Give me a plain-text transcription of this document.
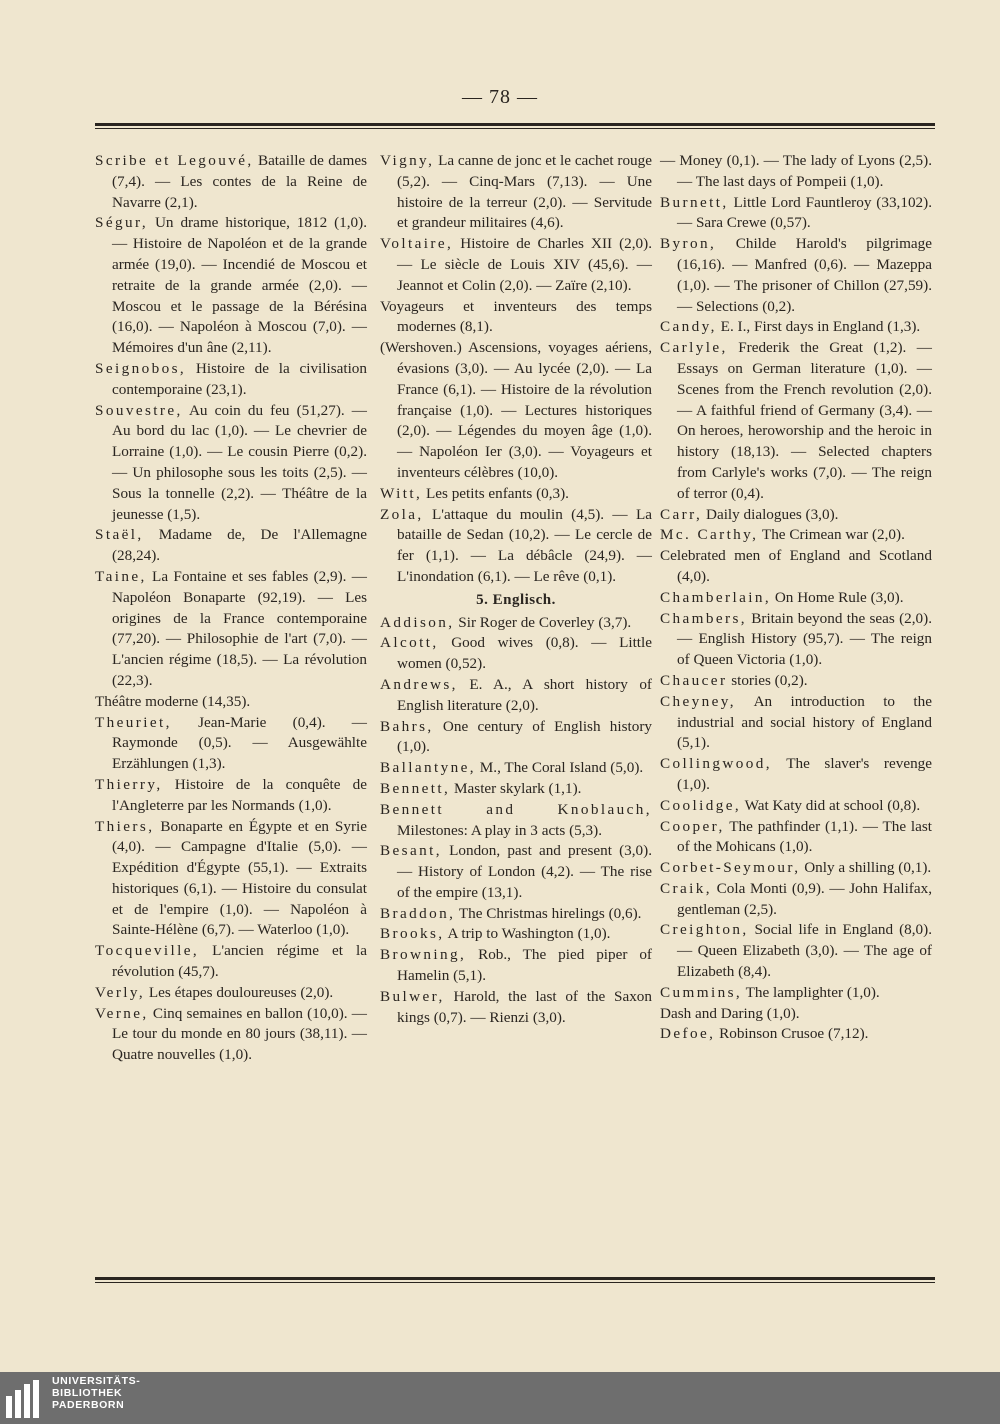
— 78 —

Scribe et Legouvé, Bataille de dames (7,4). — Les contes de la Reine de Navarre (2,1).

Ségur, Un drame historique, 1812 (1,0). — Histoire de Napoléon et de la grande armée (19,0). — Incendié de Moscou et retraite de la grande armée (2,0). — Moscou et le passage de la Bérésina (16,0). — Napoléon à Moscou (7,0). — Mémoires d'un âne (2,11).

Seignobos, Histoire de la civilisation contemporaine (23,1).

Souvestre, Au coin du feu (51,27). — Au bord du lac (1,0). — Le chevrier de Lorraine (1,0). — Le cousin Pierre (0,2). — Un philosophe sous les toits (2,5). — Sous la tonnelle (2,2). — Théâtre de la jeunesse (1,5).

Staël, Madame de, De l'Allemagne (28,24).

Taine, La Fontaine et ses fables (2,9). — Napoléon Bonaparte (92,19). — Les origines de la France contemporaine (77,20). — Philosophie de l'art (7,0). — L'ancien régime (18,5). — La révolution (22,3).

Théâtre moderne (14,35).

Theuriet, Jean-Marie (0,4). — Raymonde (0,5). — Ausgewählte Erzählungen (1,3).

Thierry, Histoire de la conquête de l'Angleterre par les Normands (1,0).

Thiers, Bonaparte en Égypte et en Syrie (4,0). — Campagne d'Italie (5,0). — Expédition d'Égypte (55,1). — Extraits historiques (6,1). — Histoire du consulat et de l'empire (1,0). — Napoléon à Sainte-Hélène (6,7). — Waterloo (1,0).

Tocqueville, L'ancien régime et la révolution (45,7).

Verly, Les étapes douloureuses (2,0).

Verne, Cinq semaines en ballon (10,0). — Le tour du monde en 80 jours (38,11). — Quatre nouvelles (1,0).

Vigny, La canne de jonc et le cachet rouge (5,2). — Cinq-Mars (7,13). — Une histoire de la terreur (2,0). — Servitude et grandeur militaires (4,6).

Voltaire, Histoire de Charles XII (2,0). — Le siècle de Louis XIV (45,6). — Jeannot et Colin (2,0). — Zaïre (2,10).

Voyageurs et inventeurs des temps modernes (8,1).

(Wershoven.) Ascensions, voyages aériens, évasions (3,0). — Au lycée (2,0). — La France (6,1). — Histoire de la révolution française (1,0). — Lectures historiques (2,0). — Légendes du moyen âge (1,0). — Napoléon Ier (3,0). — Voyageurs et inventeurs célèbres (10,0).

Witt, Les petits enfants (0,3).

Zola, L'attaque du moulin (4,5). — La bataille de Sedan (10,2). — Le cercle de fer (1,1). — La débâcle (24,9). — L'inondation (6,1). — Le rêve (0,1).

5. Englisch.

Addison, Sir Roger de Coverley (3,7).

Alcott, Good wives (0,8). — Little women (0,52).

Andrews, E. A., A short history of English literature (2,0).

Bahrs, One century of English history (1,0).

Ballantyne, M., The Coral Island (5,0).

Bennett, Master skylark (1,1).

Bennett and Knoblauch, Milestones: A play in 3 acts (5,3).

Besant, London, past and present (3,0). — History of London (4,2). — The rise of the empire (13,1).

Braddon, The Christmas hirelings (0,6).

Brooks, A trip to Washington (1,0).

Browning, Rob., The pied piper of Hamelin (5,1).

Bulwer, Harold, the last of the Saxon kings (0,7). — Rienzi (3,0).

— Money (0,1). — The lady of Lyons (2,5). — The last days of Pompeii (1,0).

Burnett, Little Lord Fauntleroy (33,102). — Sara Crewe (0,57).

Byron, Childe Harold's pilgrimage (16,16). — Manfred (0,6). — Mazeppa (1,0). — The prisoner of Chillon (27,59). — Selections (0,2).

Candy, E. I., First days in England (1,3).

Carlyle, Frederik the Great (1,2). — Essays on German literature (1,0). — Scenes from the French revolution (2,0). — A faithful friend of Germany (3,4). — On heroes, heroworship and the heroic in history (18,13). — Selected chapters from Carlyle's works (7,0). — The reign of terror (0,4).

Carr, Daily dialogues (3,0).

Mc. Carthy, The Crimean war (2,0).

Celebrated men of England and Scotland (4,0).

Chamberlain, On Home Rule (3,0).

Chambers, Britain beyond the seas (2,0). — English History (95,7). — The reign of Queen Victoria (1,0).

Chaucer stories (0,2).

Cheyney, An introduction to the industrial and social history of England (5,1).

Collingwood, The slaver's revenge (1,0).

Coolidge, Wat Katy did at school (0,8).

Cooper, The pathfinder (1,1). — The last of the Mohicans (1,0).

Corbet-Seymour, Only a shilling (0,1).

Craik, Cola Monti (0,9). — John Halifax, gentleman (2,5).

Creighton, Social life in England (8,0). — Queen Elizabeth (3,0). — The age of Elizabeth (8,4).

Cummins, The lamplighter (1,0).

Dash and Daring (1,0).

Defoe, Robinson Crusoe (7,12).

UNIVERSITÄTS-
BIBLIOTHEK
PADERBORN
